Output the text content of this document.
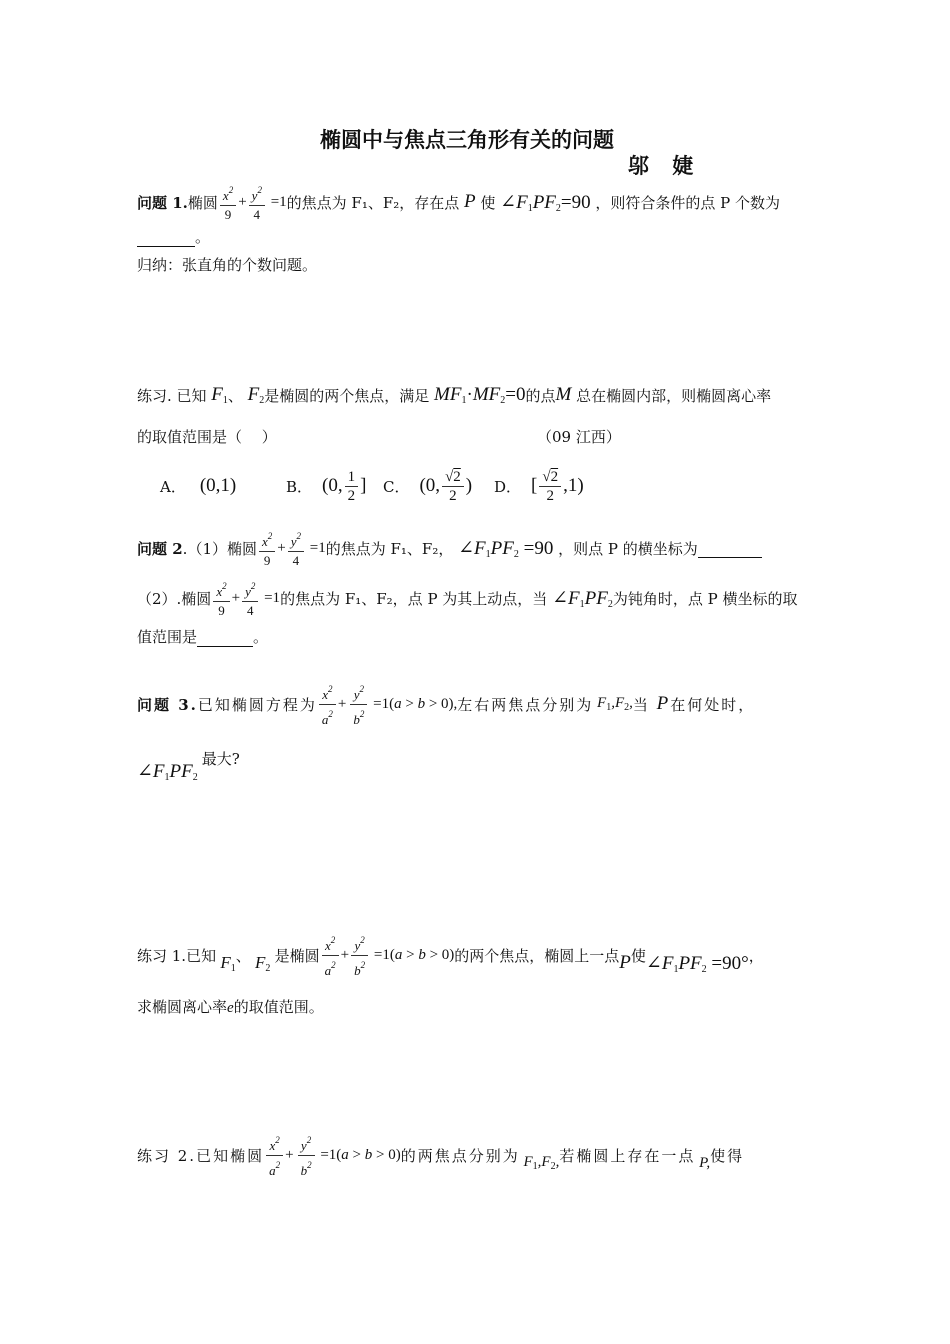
椭圆中与焦点三角形有关的问题
邬 婕
问题 1. 椭圆 $\frac{x^2}{9} + \frac{y^2}{4} =1$ 的焦点为 F₁、F₂，存在点 P 使 $\angle F_1PF_2=90$ ，则符合条件的点 P 个数为
。
归纳：张直角的个数问题。
练习. 已知 $F_1$ 、 $F_2$ 是椭圆的两个焦点，满足 $MF_1\cdot MF_2=0$ 的点 M 总在椭圆内部，则椭圆离心率
的取值范围是（　 ）	（09 江西）
A． (0,1)	B． (0, $\frac{1}{2}$ ] C． (0, $\frac{√2}{2}$ ) D． [ $\frac{√2}{2} ,1$)
问题 2 .（1）椭圆 $\frac{x^2}{9} + \frac{y^2}{4} =1$ 的焦点为 F₁、F₂， $\angle F_1PF_2 =90$ ，则点 P 的横坐标为

（2）.椭圆 $\frac{x^2}{9} + \frac{y^2}{4} =1$ 的焦点为 F₁、F₂，点 P 为其上动点，当 $\angle F_1PF_2$ 为钝角时，点 P 横坐标的取
值范围是	。
问题 3. 已知椭圆方程为 $\frac{x^2}{a^2} + \frac{y^2}{b^2} =1(a > b > 0)$, 左右两焦点分别为 $F_1,F_2$, 当 P 在何处时，
$\angle F_1PF_2$
最大?
练习 1.已知 $F_1$
、 $F_2$
是椭圆 $\frac{x^2}{a^2} + \frac{y^2}{b^2} =1(a > b > 0)$ 的两个焦点，椭圆上一点 P 使 $\angle F_1PF_2 =90^\circ$ ，
求椭圆离心率e的取值范围。
练习 2.已知椭圆 $\frac{x^2}{a^2} + \frac{y^2}{b^2} =1(a > b > 0)$ 的两焦点分别为 $F_1,F_2$, 若椭圆上存在一点 P, 使得
